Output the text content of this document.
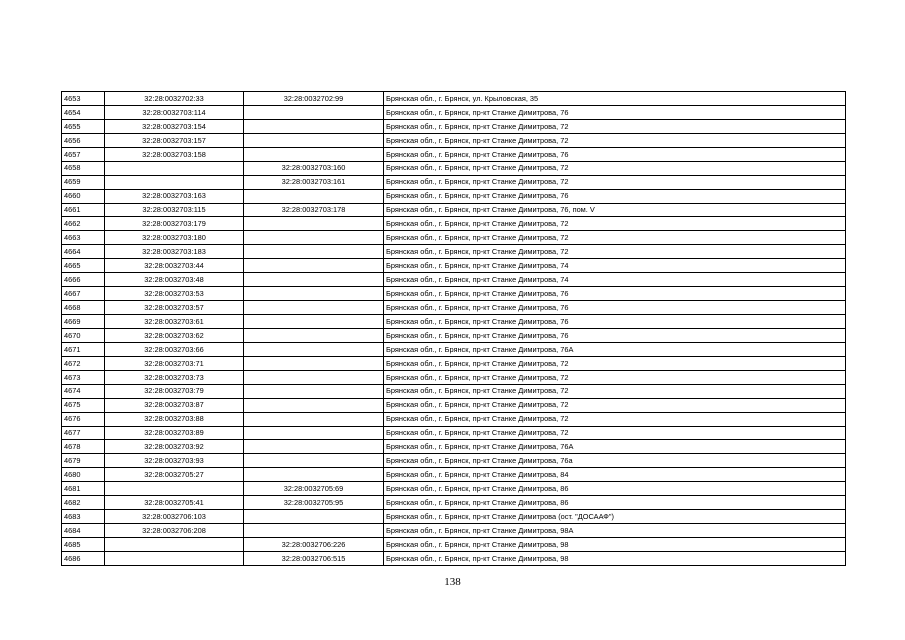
4653	32:28:0032702:33	32:28:0032702:99	Брянская обл., г. Брянск, ул. Крыловская, 35
4654	32:28:0032703:114		Брянская обл., г. Брянск, пр-кт Станке Димитрова, 76
4655	32:28:0032703:154		Брянская обл., г. Брянск, пр-кт Станке Димитрова, 72
4656	32:28:0032703:157		Брянская обл., г. Брянск, пр-кт Станке Димитрова, 72
4657	32:28:0032703:158		Брянская обл., г. Брянск, пр-кт Станке Димитрова, 76
4658		32:28:0032703:160	Брянская обл., г. Брянск, пр-кт Станке Димитрова, 72
4659		32:28:0032703:161	Брянская обл., г. Брянск, пр-кт Станке Димитрова, 72
4660	32:28:0032703:163		Брянская обл., г. Брянск, пр-кт Станке Димитрова, 76
4661	32:28:0032703:115	32:28:0032703:178	Брянская обл., г. Брянск, пр-кт Станке Димитрова, 76, пом. V
4662	32:28:0032703:179		Брянская обл., г. Брянск, пр-кт Станке Димитрова, 72
4663	32:28:0032703:180		Брянская обл., г. Брянск, пр-кт Станке Димитрова, 72
4664	32:28:0032703:183		Брянская обл., г. Брянск, пр-кт Станке Димитрова, 72
4665	32:28:0032703:44		Брянская обл., г. Брянск, пр-кт Станке Димитрова, 74
4666	32:28:0032703:48		Брянская обл., г. Брянск, пр-кт Станке Димитрова, 74
4667	32:28:0032703:53		Брянская обл., г. Брянск, пр-кт Станке Димитрова, 76
4668	32:28:0032703:57		Брянская обл., г. Брянск, пр-кт Станке Димитрова, 76
4669	32:28:0032703:61		Брянская обл., г. Брянск, пр-кт Станке Димитрова, 76
4670	32:28:0032703:62		Брянская обл., г. Брянск, пр-кт Станке Димитрова, 76
4671	32:28:0032703:66		Брянская обл., г. Брянск, пр-кт Станке Димитрова, 76А
4672	32:28:0032703:71		Брянская обл., г. Брянск, пр-кт Станке Димитрова, 72
4673	32:28:0032703:73		Брянская обл., г. Брянск, пр-кт Станке Димитрова, 72
4674	32:28:0032703:79		Брянская обл., г. Брянск, пр-кт Станке Димитрова, 72
4675	32:28:0032703:87		Брянская обл., г. Брянск, пр-кт Станке Димитрова, 72
4676	32:28:0032703:88		Брянская обл., г. Брянск, пр-кт Станке Димитрова, 72
4677	32:28:0032703:89		Брянская обл., г. Брянск, пр-кт Станке Димитрова, 72
4678	32:28:0032703:92		Брянская обл., г. Брянск, пр-кт Станке Димитрова, 76А
4679	32:28:0032703:93		Брянская обл., г. Брянск, пр-кт Станке Димитрова, 76а
4680	32:28:0032705:27		Брянская обл., г. Брянск, пр-кт Станке Димитрова, 84
4681		32:28:0032705:69	Брянская обл., г. Брянск, пр-кт Станке Димитрова, 86
4682	32:28:0032705:41	32:28:0032705:95	Брянская обл., г. Брянск, пр-кт Станке Димитрова, 86
4683	32:28:0032706:103		Брянская обл., г. Брянск, пр-кт Станке Димитрова (ост. "ДОСААФ")
4684	32:28:0032706:208		Брянская обл., г. Брянск, пр-кт Станке Димитрова, 98А
4685		32:28:0032706:226	Брянская обл., г. Брянск, пр-кт Станке Димитрова, 98
4686		32:28:0032706:515	Брянская обл., г. Брянск, пр-кт Станке Димитрова, 98
138
